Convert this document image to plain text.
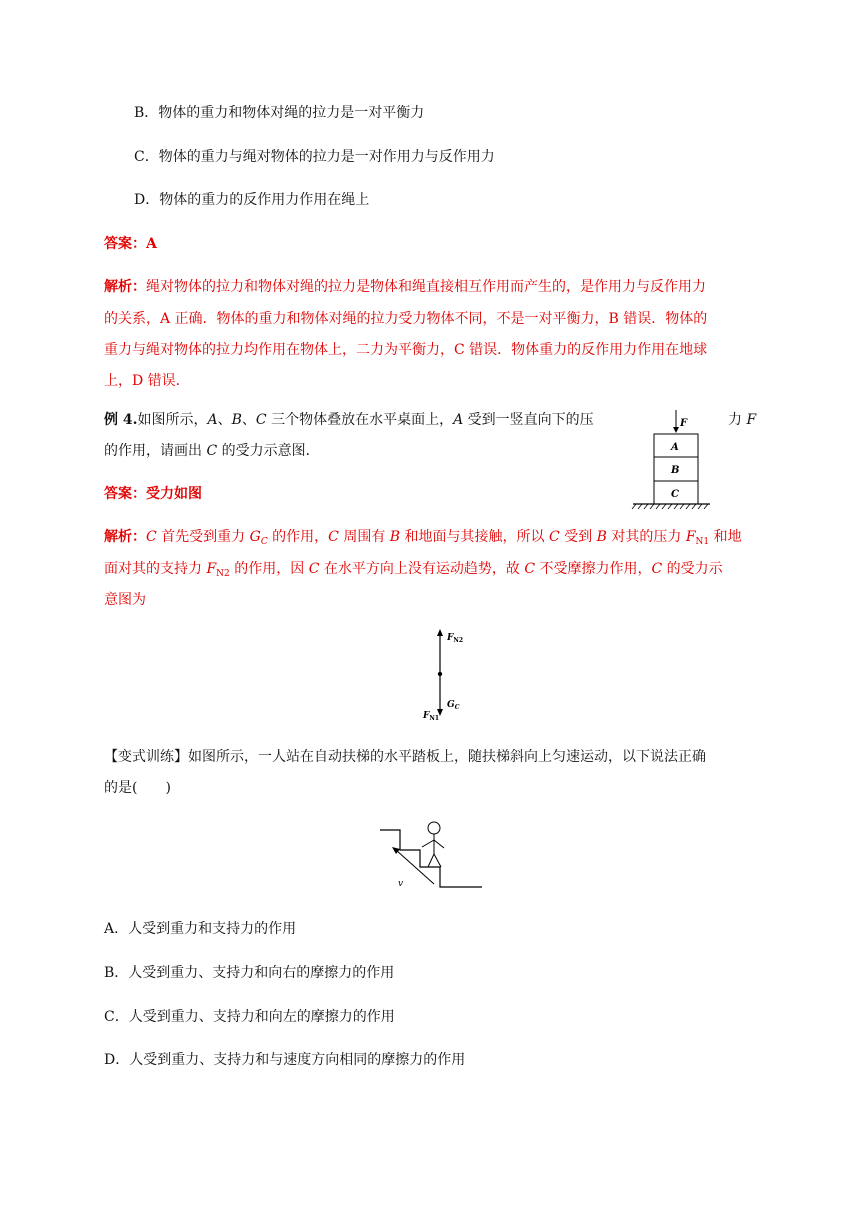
B．物体的重力和物体对绳的拉力是一对平衡力
C．物体的重力与绳对物体的拉力是一对作用力与反作用力
D．物体的重力的反作用力作用在绳上
答案：A
解析：绳对物体的拉力和物体对绳的拉力是物体和绳直接相互作用而产生的，是作用力与反作用力
的关系，A 正确．物体的重力和物体对绳的拉力受力物体不同，不是一对平衡力，B 错误．物体的
重力与绳对物体的拉力均作用在物体上，二力为平衡力，C 错误．物体重力的反作用力作用在地球
上，D 错误．
例 4.如图所示，A、B、C 三个物体叠放在水平桌面上，A 受到一竖直向下的压	力 F
的作用，请画出 C 的受力示意图．
F
A
B
C
答案：受力如图
解析：C 首先受到重力 $G_C$ 的作用，C 周围有 B 和地面与其接触，所以 C 受到 B 对其的压力 $F_{N1}$ 和地
面对其的支持力 $F_{N2}$ 的作用，因 C 在水平方向上没有运动趋势，故 C 不受摩擦力作用，C 的受力示
意图为
$F_{N2}$
$G_C$
$F_{N1}$
【变式训练】如图所示，一人站在自动扶梯的水平踏板上，随扶梯斜向上匀速运动，以下说法正确
的是(　　)
v
A．人受到重力和支持力的作用
B．人受到重力、支持力和向右的摩擦力的作用
C．人受到重力、支持力和向左的摩擦力的作用
D．人受到重力、支持力和与速度方向相同的摩擦力的作用
